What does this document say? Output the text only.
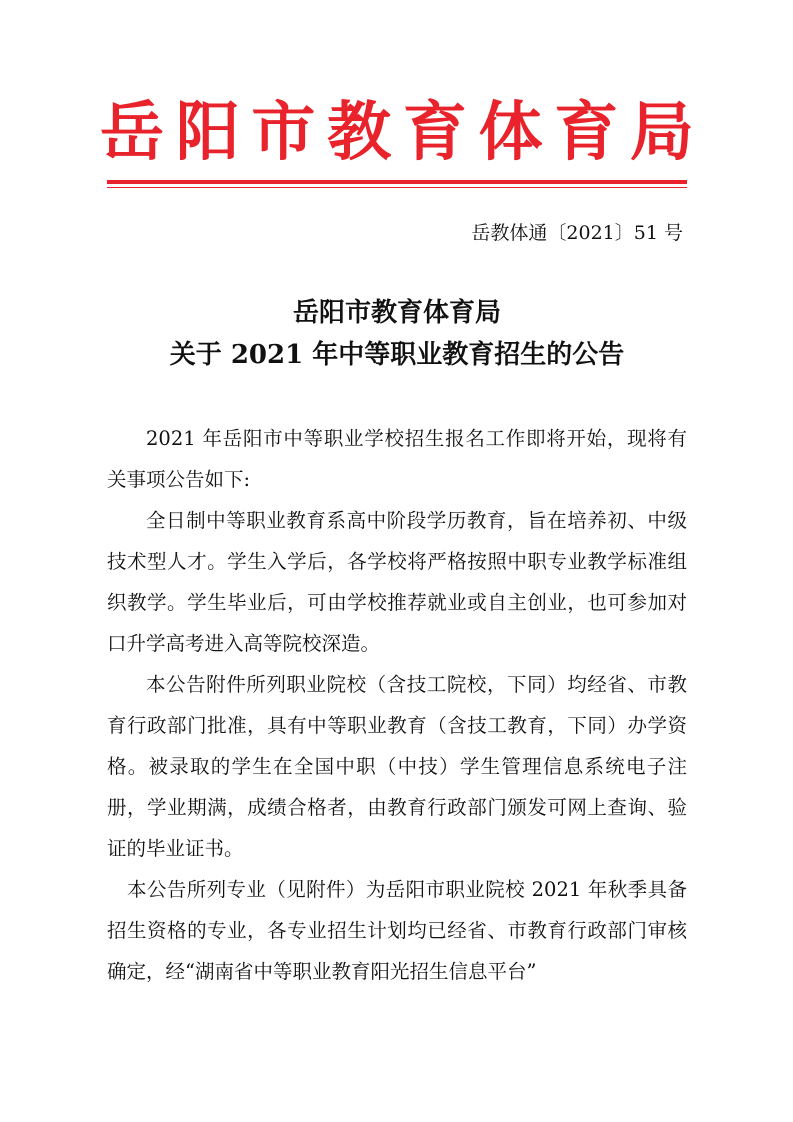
岳 阳 市 教 育 体 育 局
岳教体通〔2021〕51 号
岳阳市教育体育局
关于 2021 年中等职业教育招生的公告

2021 年岳阳市中等职业学校招生报名工作即将开始，现将有关事项公告如下:

全日制中等职业教育系高中阶段学历教育，旨在培养初、中级技术型人才。学生入学后，各学校将严格按照中职专业教学标准组织教学。学生毕业后，可由学校推荐就业或自主创业，也可参加对口升学高考进入高等院校深造。

本公告附件所列职业院校（含技工院校，下同）均经省、市教育行政部门批准，具有中等职业教育（含技工教育，下同）办学资格。被录取的学生在全国中职（中技）学生管理信息系统电子注册，学业期满，成绩合格者，由教育行政部门颁发可网上查询、验证的毕业证书。

本公告所列专业（见附件）为岳阳市职业院校 2021 年秋季具备招生资格的专业，各专业招生计划均已经省、市教育行政部门审核确定，经“湖南省中等职业教育阳光招生信息平台”
